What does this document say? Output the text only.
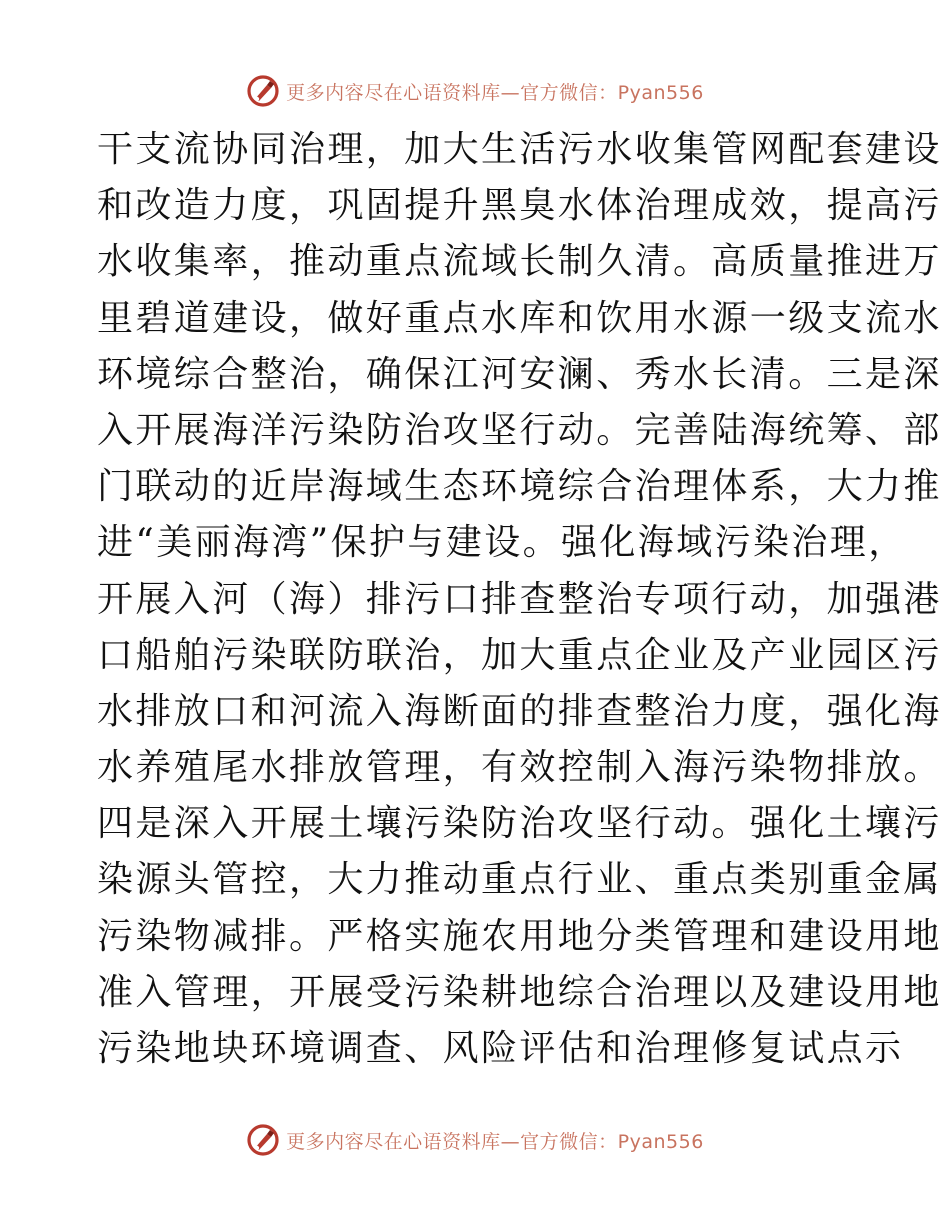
更多内容尽在心语资料库—官方微信：Pyan556
干支流协同治理，加大生活污水收集管网配套建设
和改造力度，巩固提升黑臭水体治理成效，提高污
水收集率，推动重点流域长制久清。高质量推进万
里碧道建设，做好重点水库和饮用水源一级支流水
环境综合整治，确保江河安澜、秀水长清。三是深
入开展海洋污染防治攻坚行动。完善陆海统筹、部
门联动的近岸海域生态环境综合治理体系，大力推
进“美丽海湾”保护与建设。强化海域污染治理，
开展入河（海）排污口排查整治专项行动，加强港
口船舶污染联防联治，加大重点企业及产业园区污
水排放口和河流入海断面的排查整治力度，强化海
水养殖尾水排放管理，有效控制入海污染物排放。
四是深入开展土壤污染防治攻坚行动。强化土壤污
染源头管控，大力推动重点行业、重点类别重金属
污染物减排。严格实施农用地分类管理和建设用地
准入管理，开展受污染耕地综合治理以及建设用地
污染地块环境调查、风险评估和治理修复试点示
更多内容尽在心语资料库—官方微信：Pyan556
